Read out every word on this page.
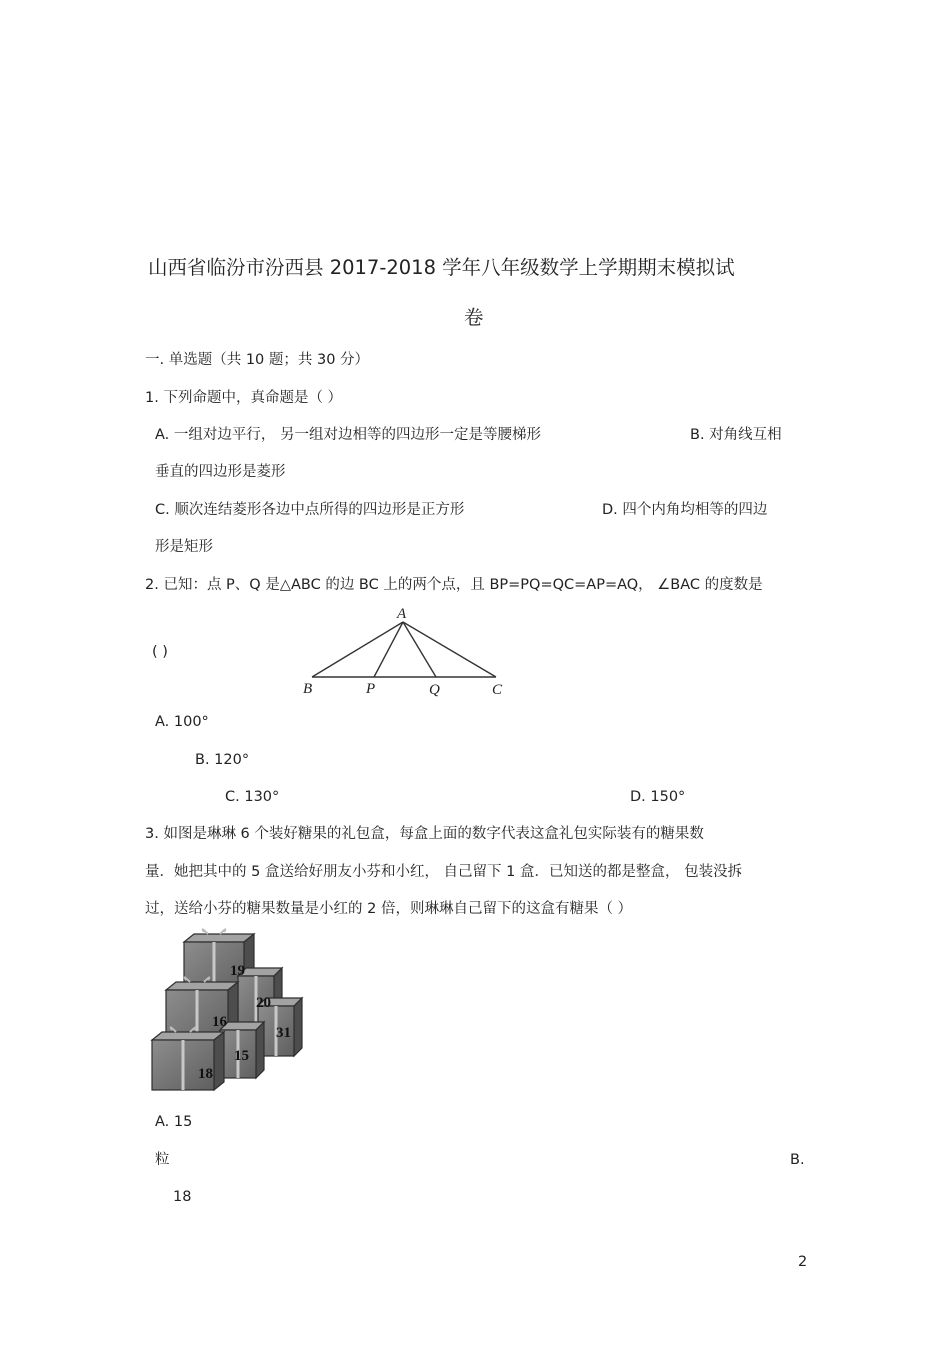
山西省临汾市汾西县 2017-2018 学年八年级数学上学期期末模拟试
卷
一. 单选题（共 10 题；共 30 分）
1. 下列命题中，真命题是（ ）
A. 一组对边平行， 另一组对边相等的四边形一定是等腰梯形	B. 对角线互相
垂直的四边形是菱形
C. 顺次连结菱形各边中点所得的四边形是正方形	D. 四个内角均相等的四边
形是矩形
2. 已知：点 P、Q 是△ABC 的边 BC 上的两个点，且 BP=PQ=QC=AP=AQ， ∠BAC 的度数是
( )
A
B	P	Q	C
A. 100°
B. 120°
C. 130°	D. 150°
3. 如图是琳琳 6 个装好糖果的礼包盒，每盒上面的数字代表这盒礼包实际装有的糖果数
量．她把其中的 5 盒送给好朋友小芬和小红， 自己留下 1 盒．已知送的都是整盒， 包装没拆
过，送给小芬的糖果数量是小红的 2 倍，则琳琳自己留下的这盒有糖果（ ）
19
20
16
31
15
18
A. 15
粒	B.
18
2
